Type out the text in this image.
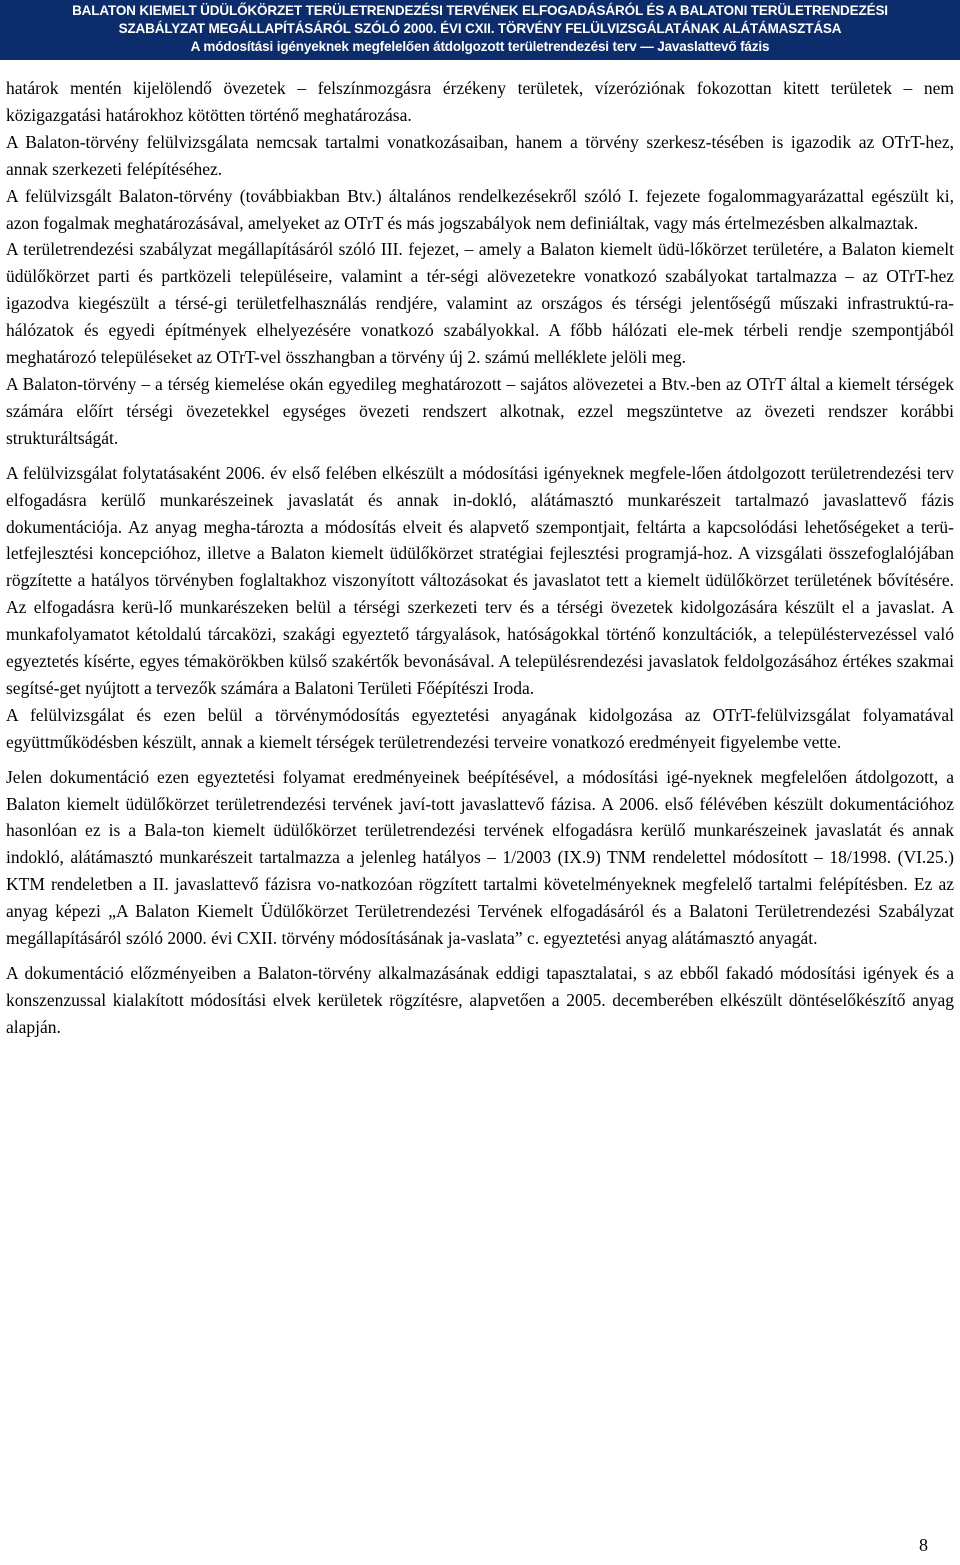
BALATON KIEMELT ÜDÜLŐKÖRZET TERÜLETRENDEZÉSI TERVÉNEK ELFOGADÁSÁRÓL ÉS A BALATONI TERÜLETRENDEZÉSI
SZABÁLYZAT MEGÁLLAPÍTÁSÁRÓL SZÓLÓ 2000. ÉVI CXII. TÖRVÉNY FELÜLVIZSGÁLATÁNAK ALÁTÁMASZTÁSA
A módosítási igényeknek megfelelően átdolgozott területrendezési terv — Javaslattevő fázis

határok mentén kijelölendő övezetek – felszínmozgásra érzékeny területek, vízeróziónak fokozottan kitett területek – nem közigazgatási határokhoz kötötten történő meghatározása.

A Balaton-törvény felülvizsgálata nemcsak tartalmi vonatkozásaiban, hanem a törvény szerkesz-tésében is igazodik az OTrT-hez, annak szerkezeti felépítéséhez.

A felülvizsgált Balaton-törvény (továbbiakban Btv.) általános rendelkezésekről szóló I. fejezete fogalommagyarázattal egészült ki, azon fogalmak meghatározásával, amelyeket az OTrT és más jogszabályok nem definiáltak, vagy más értelmezésben alkalmaztak.

A területrendezési szabályzat megállapításáról szóló III. fejezet, – amely a Balaton kiemelt üdü-lőkörzet területére, a Balaton kiemelt üdülőkörzet parti és partközeli településeire, valamint a tér-ségi alövezetekre vonatkozó szabályokat tartalmazza – az OTrT-hez igazodva kiegészült a térsé-gi területfelhasználás rendjére, valamint az országos és térségi jelentőségű műszaki infrastruktú-ra-hálózatok és egyedi építmények elhelyezésére vonatkozó szabályokkal. A főbb hálózati ele-mek térbeli rendje szempontjából meghatározó településeket az OTrT-vel összhangban a törvény új 2. számú melléklete jelöli meg.

A Balaton-törvény – a térség kiemelése okán egyedileg meghatározott – sajátos alövezetei a Btv.-ben az OTrT által a kiemelt térségek számára előírt térségi övezetekkel egységes övezeti rendszert alkotnak, ezzel megszüntetve az övezeti rendszer korábbi strukturáltságát.

A felülvizsgálat folytatásaként 2006. év első felében elkészült a módosítási igényeknek megfele-lően átdolgozott területrendezési terv elfogadásra kerülő munkarészeinek javaslatát és annak in-dokló, alátámasztó munkarészeit tartalmazó javaslattevő fázis dokumentációja. Az anyag megha-tározta a módosítás elveit és alapvető szempontjait, feltárta a kapcsolódási lehetőségeket a terü-letfejlesztési koncepcióhoz, illetve a Balaton kiemelt üdülőkörzet stratégiai fejlesztési programjá-hoz. A vizsgálati összefoglalójában rögzítette a hatályos törvényben foglaltakhoz viszonyított változásokat és javaslatot tett a kiemelt üdülőkörzet területének bővítésére. Az elfogadásra kerü-lő munkarészeken belül a térségi szerkezeti terv és a térségi övezetek kidolgozására készült el a javaslat. A munkafolyamatot kétoldalú tárcaközi, szakági egyeztető tárgyalások, hatóságokkal történő konzultációk, a településtervezéssel való egyeztetés kísérte, egyes témakörökben külső szakértők bevonásával. A településrendezési javaslatok feldolgozásához értékes szakmai segítsé-get nyújtott a tervezők számára a Balatoni Területi Főépítészi Iroda.

A felülvizsgálat és ezen belül a törvénymódosítás egyeztetési anyagának kidolgozása az OTrT-felülvizsgálat folyamatával együttműködésben készült, annak a kiemelt térségek területrendezési terveire vonatkozó eredményeit figyelembe vette.

Jelen dokumentáció ezen egyeztetési folyamat eredményeinek beépítésével, a módosítási igé-nyeknek megfelelően átdolgozott, a Balaton kiemelt üdülőkörzet területrendezési tervének javí-tott javaslattevő fázisa. A 2006. első félévében készült dokumentációhoz hasonlóan ez is a Bala-ton kiemelt üdülőkörzet területrendezési tervének elfogadásra kerülő munkarészeinek javaslatát és annak indokló, alátámasztó munkarészeit tartalmazza a jelenleg hatályos – 1/2003 (IX.9) TNM rendelettel módosított – 18/1998. (VI.25.) KTM rendeletben a II. javaslattevő fázisra vo-natkozóan rögzített tartalmi követelményeknek megfelelő tartalmi felépítésben. Ez az anyag képezi „A Balaton Kiemelt Üdülőkörzet Területrendezési Tervének elfogadásáról és a Balatoni Területrendezési Szabályzat megállapításáról szóló 2000. évi CXII. törvény módosításának ja-vaslata” c. egyeztetési anyag alátámasztó anyagát.

A dokumentáció előzményeiben a Balaton-törvény alkalmazásának eddigi tapasztalatai, s az ebből fakadó módosítási igények és a konszenzussal kialakított módosítási elvek kerületek rögzítésre, alapvetően a 2005. decemberében elkészült döntéselőkészítő anyag alapján.

8
